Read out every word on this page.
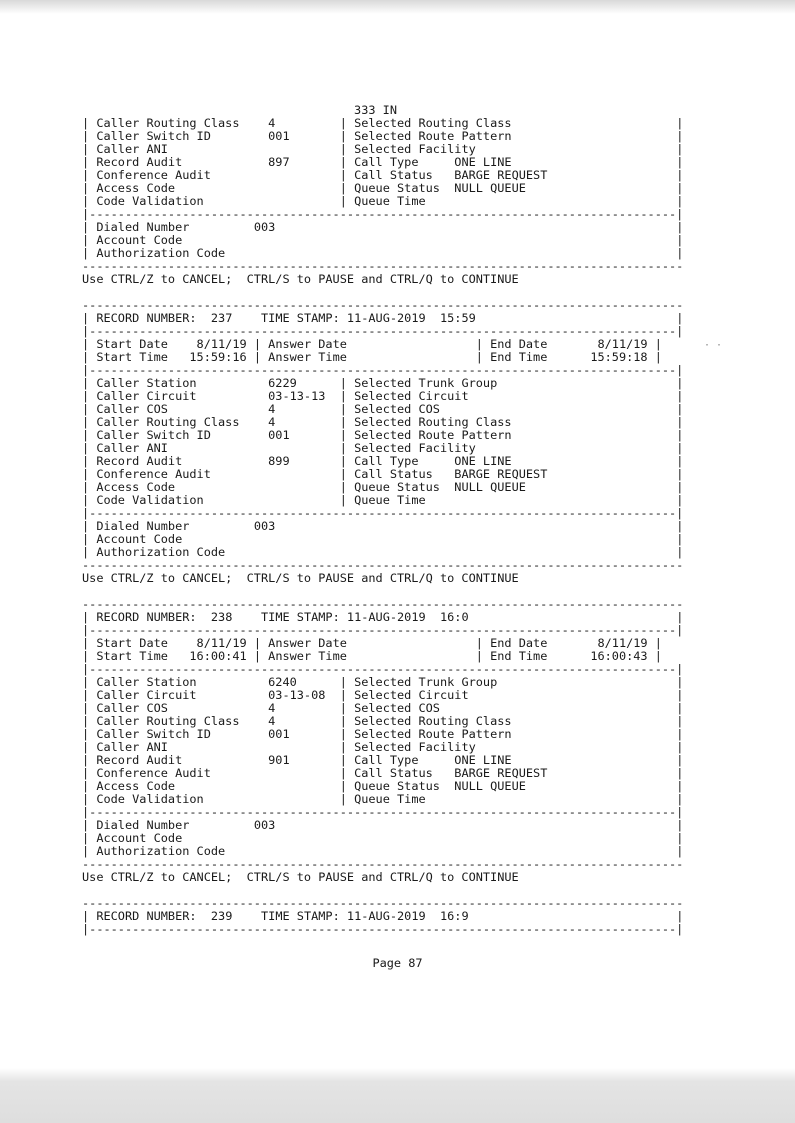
333 IN
| Caller Routing Class    4         | Selected Routing Class                       |
| Caller Switch ID        001       | Selected Route Pattern                       |
| Caller ANI	| Selected Facility                            |
| Record Audit            897       | Call Type     ONE LINE                       |
| Conference Audit	| Call Status   BARGE REQUEST                  |
| Access Code	| Queue Status  NULL QUEUE                     |
| Code Validation	| Queue Time                                   |
|----------------------------------------------------------------------------------|
| Dialed Number         003                                                        |
| Account Code                                                                     |
| Authorization Code                                                               |
------------------------------------------------------------------------------------
Use CTRL/Z to CANCEL;  CTRL/S to PAUSE and CTRL/Q to CONTINUE

------------------------------------------------------------------------------------
| RECORD NUMBER:  237    TIME STAMP: 11-AUG-2019  15:59                            |
|----------------------------------------------------------------------------------|
| Start Date    8/11/19 | Answer Date                  | End Date       8/11/19 |
| Start Time   15:59:16 | Answer Time                  | End Time      15:59:18 |
|----------------------------------------------------------------------------------|
| Caller Station          6229      | Selected Trunk Group                         |
| Caller Circuit          03-13-13  | Selected Circuit                             |
| Caller COS              4         | Selected COS                                 |
| Caller Routing Class    4         | Selected Routing Class                       |
| Caller Switch ID        001       | Selected Route Pattern                       |
| Caller ANI	| Selected Facility                            |
| Record Audit            899       | Call Type     ONE LINE                       |
| Conference Audit	| Call Status   BARGE REQUEST                  |
| Access Code	| Queue Status  NULL QUEUE                     |
| Code Validation	| Queue Time                                   |
|----------------------------------------------------------------------------------|
| Dialed Number         003                                                        |
| Account Code                                                                     |
| Authorization Code                                                               |
------------------------------------------------------------------------------------
Use CTRL/Z to CANCEL;  CTRL/S to PAUSE and CTRL/Q to CONTINUE

------------------------------------------------------------------------------------
| RECORD NUMBER:  238    TIME STAMP: 11-AUG-2019  16:0                             |
|----------------------------------------------------------------------------------|
| Start Date    8/11/19 | Answer Date                  | End Date       8/11/19 |
| Start Time   16:00:41 | Answer Time                  | End Time      16:00:43 |
|----------------------------------------------------------------------------------|
| Caller Station          6240      | Selected Trunk Group                         |
| Caller Circuit          03-13-08  | Selected Circuit                             |
| Caller COS              4         | Selected COS                                 |
| Caller Routing Class    4         | Selected Routing Class                       |
| Caller Switch ID        001       | Selected Route Pattern                       |
| Caller ANI	| Selected Facility                            |
| Record Audit            901       | Call Type     ONE LINE                       |
| Conference Audit	| Call Status   BARGE REQUEST                  |
| Access Code	| Queue Status  NULL QUEUE                     |
| Code Validation	| Queue Time                                   |
|----------------------------------------------------------------------------------|
| Dialed Number         003                                                        |
| Account Code                                                                     |
| Authorization Code                                                               |
------------------------------------------------------------------------------------
Use CTRL/Z to CANCEL;  CTRL/S to PAUSE and CTRL/Q to CONTINUE

------------------------------------------------------------------------------------
| RECORD NUMBER:  239    TIME STAMP: 11-AUG-2019  16:9                             |
|----------------------------------------------------------------------------------|

· ·
Page 87
